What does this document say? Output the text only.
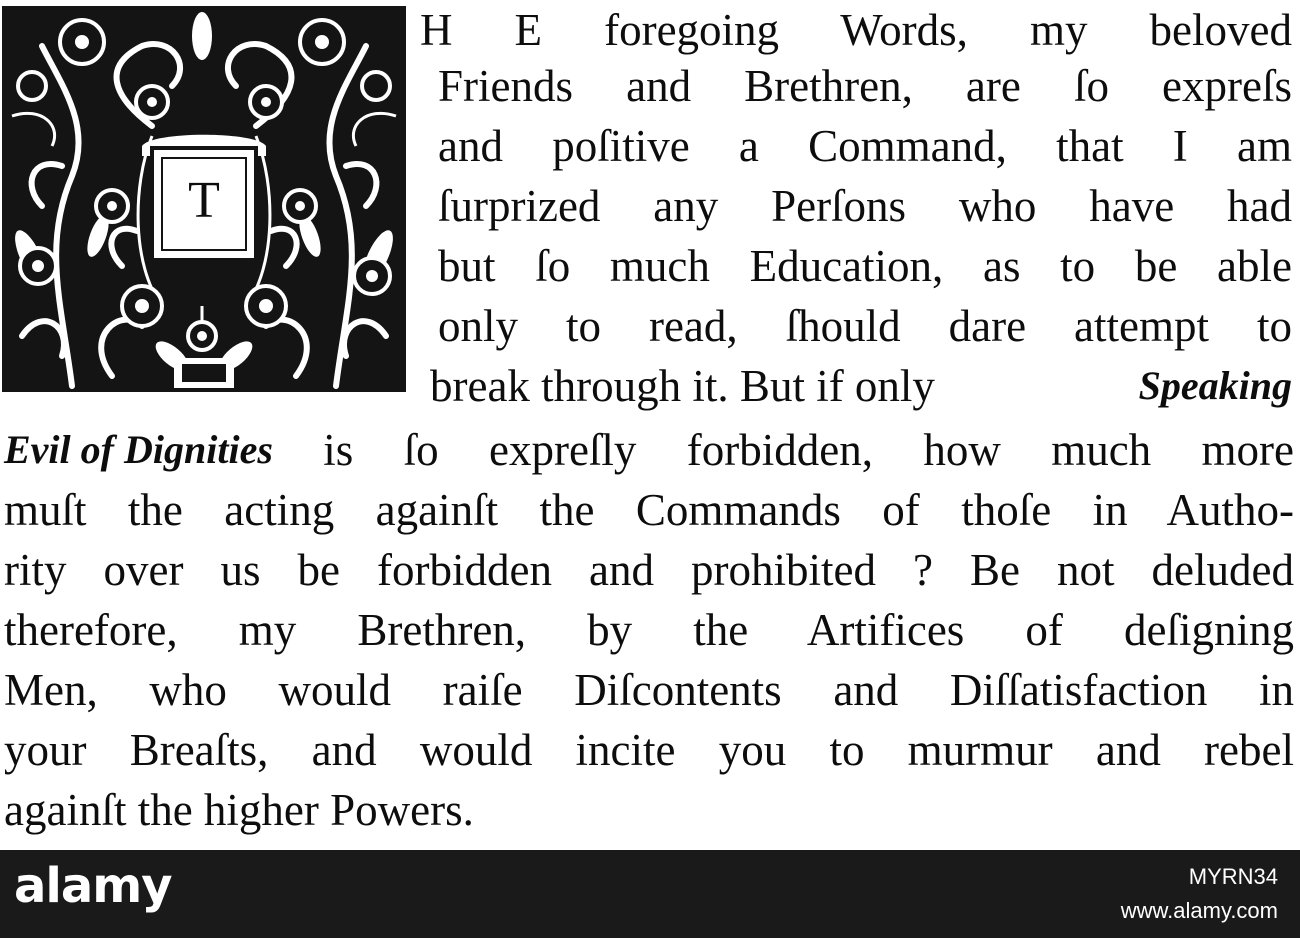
T
H E foregoing Words, my beloved
Friends and Brethren, are ſo expreſs
and poſitive a Command, that I am
ſurprized any Perſons who have had
but ſo much Education, as to be able
only to read, ſhould dare attempt to
break through it. But if only	Speaking
Evil of Dignities is ſo expreſly forbidden, how much more
muſt the acting againſt the Commands of thoſe in Autho-
rity over us be forbidden and prohibited ? Be not deluded
therefore, my Brethren, by the Artifices of deſigning
Men, who would raiſe Diſcontents and Diſſatisfaction in
your Breaſts, and would incite you to murmur and rebel
againſt the higher Powers.
alamy	MYRN34
www.alamy.com
